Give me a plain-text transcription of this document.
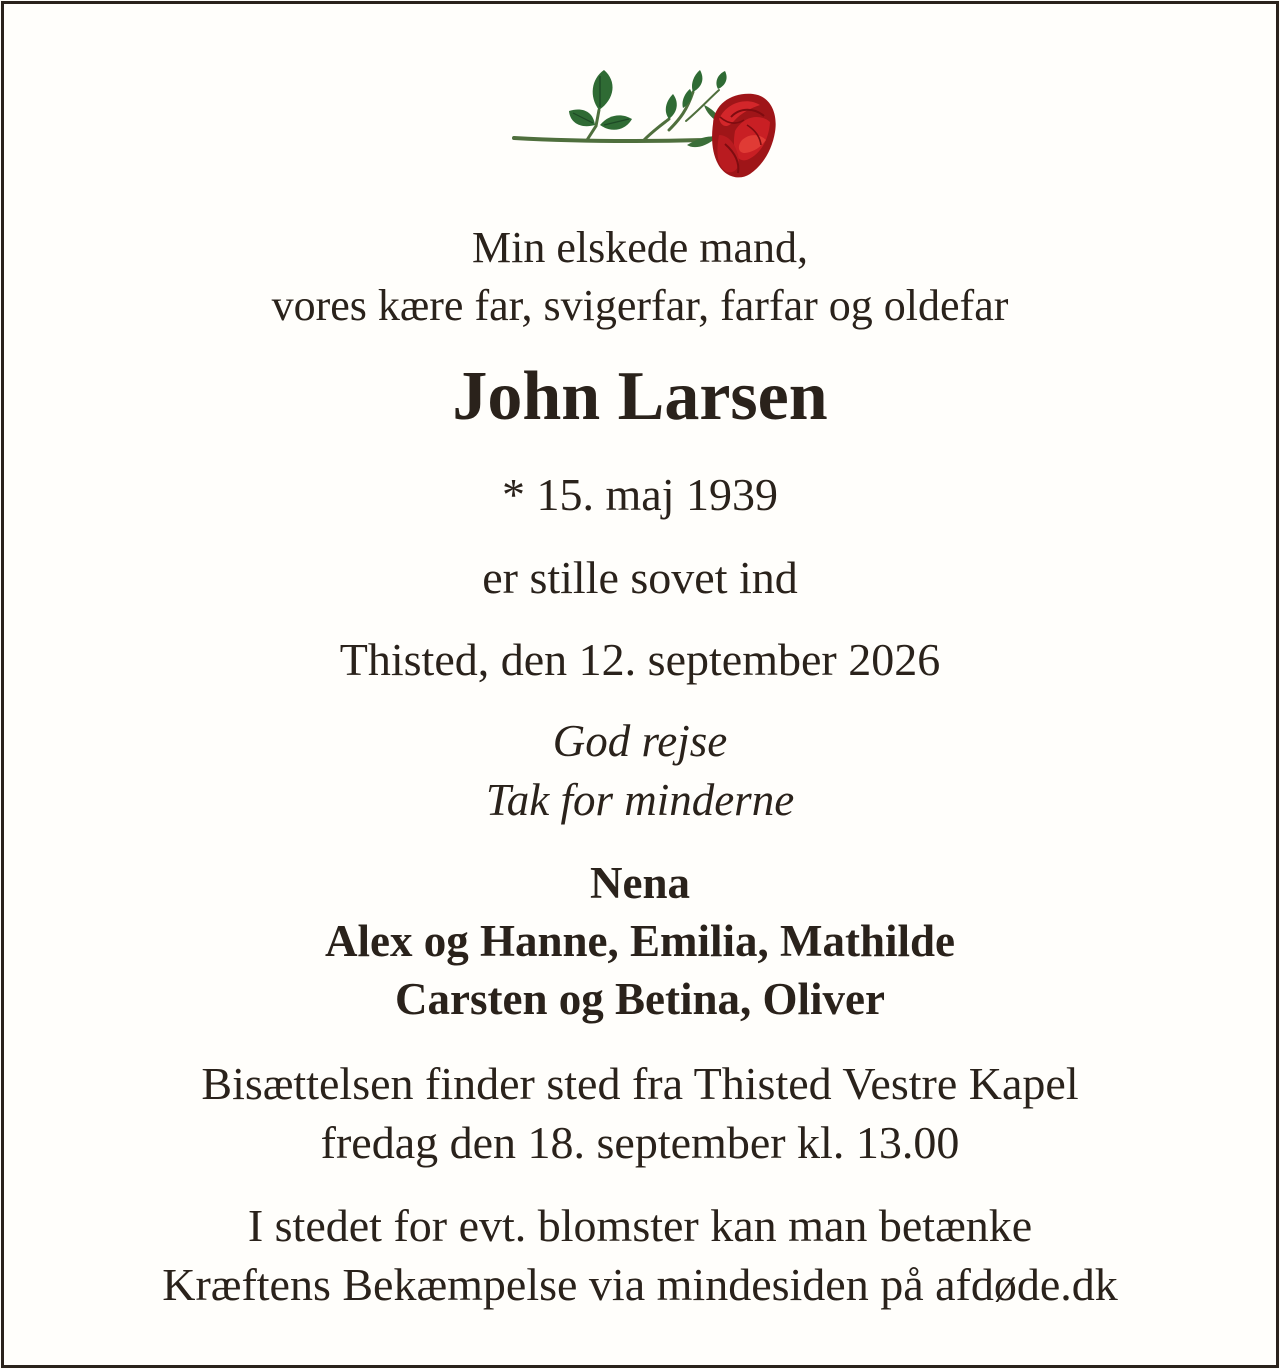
Min elskede mand,
vores kære far, svigerfar, farfar og oldefar
John Larsen
* 15. maj 1939
er stille sovet ind
Thisted, den 12. september 2026
God rejse
Tak for minderne
Nena
Alex og Hanne, Emilia, Mathilde
Carsten og Betina, Oliver
Bisættelsen finder sted fra Thisted Vestre Kapel
fredag den 18. september kl. 13.00
I stedet for evt. blomster kan man betænke
Kræftens Bekæmpelse via mindesiden på afdøde.dk
